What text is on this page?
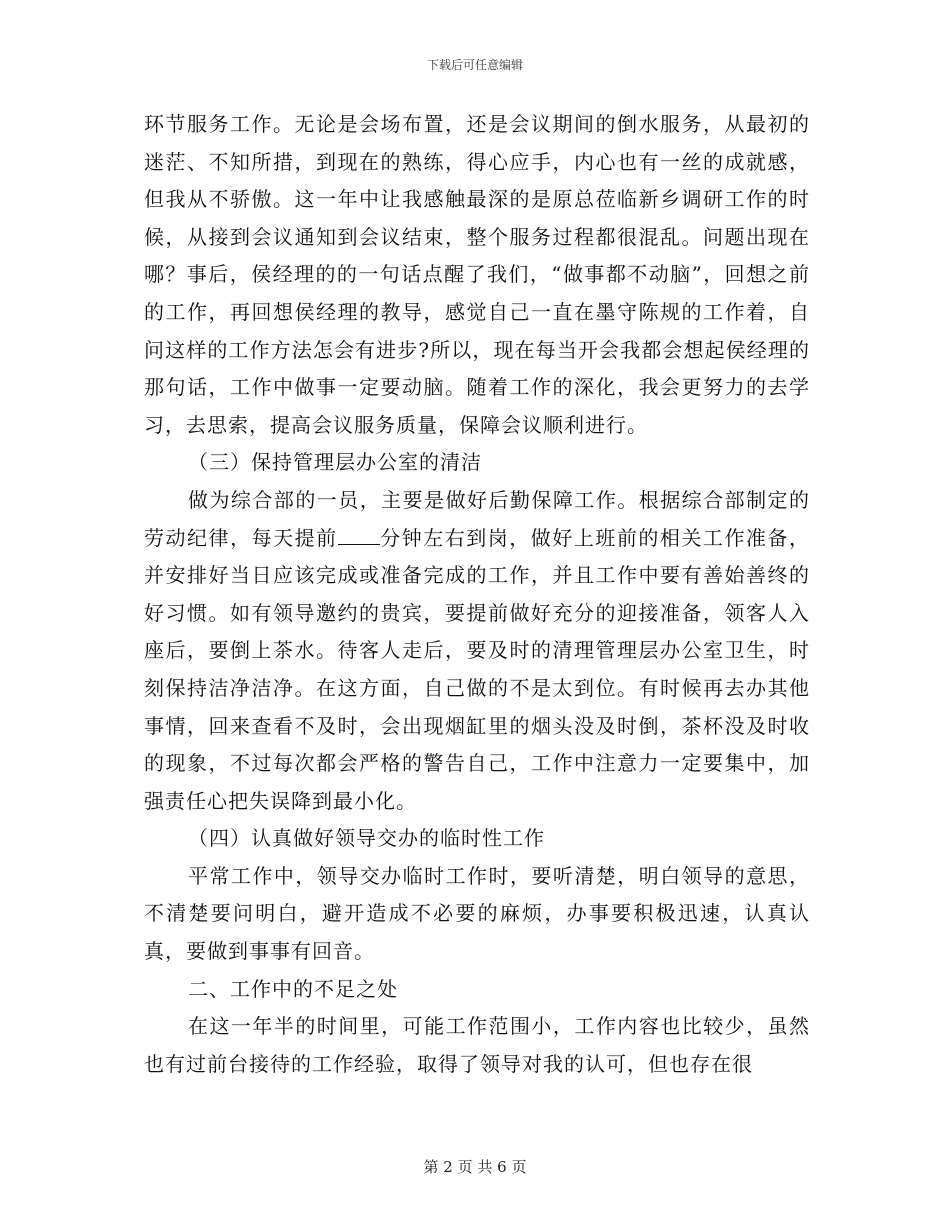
下载后可任意编辑

环节服务工作。无论是会场布置，还是会议期间的倒水服务，从最初的迷茫、不知所措，到现在的熟练，得心应手，内心也有一丝的成就感，但我从不骄傲。这一年中让我感触最深的是原总莅临新乡调研工作的时候，从接到会议通知到会议结束，整个服务过程都很混乱。问题出现在哪？事后，侯经理的的一句话点醒了我们，“做事都不动脑”，回想之前的工作，再回想侯经理的教导，感觉自己一直在墨守陈规的工作着，自问这样的工作方法怎会有进步?所以，现在每当开会我都会想起侯经理的那句话，工作中做事一定要动脑。随着工作的深化，我会更努力的去学习，去思索，提高会议服务质量，保障会议顺利进行。

（三）保持管理层办公室的清洁

做为综合部的一员，主要是做好后勤保障工作。根据综合部制定的劳动纪律，每天提前 分钟左右到岗，做好上班前的相关工作准备，并安排好当日应该完成或准备完成的工作，并且工作中要有善始善终的好习惯。如有领导邀约的贵宾，要提前做好充分的迎接准备，领客人入座后，要倒上茶水。待客人走后，要及时的清理管理层办公室卫生，时刻保持洁净洁净。在这方面，自己做的不是太到位。有时候再去办其他事情，回来查看不及时，会出现烟缸里的烟头没及时倒，茶杯没及时收的现象，不过每次都会严格的警告自己，工作中注意力一定要集中，加强责任心把失误降到最小化。

（四）认真做好领导交办的临时性工作

平常工作中，领导交办临时工作时，要听清楚，明白领导的意思，不清楚要问明白，避开造成不必要的麻烦，办事要积极迅速，认真认真，要做到事事有回音。

二、工作中的不足之处

在这一年半的时间里，可能工作范围小，工作内容也比较少，虽然也有过前台接待的工作经验，取得了领导对我的认可，但也存在很

第 2 页 共 6 页
